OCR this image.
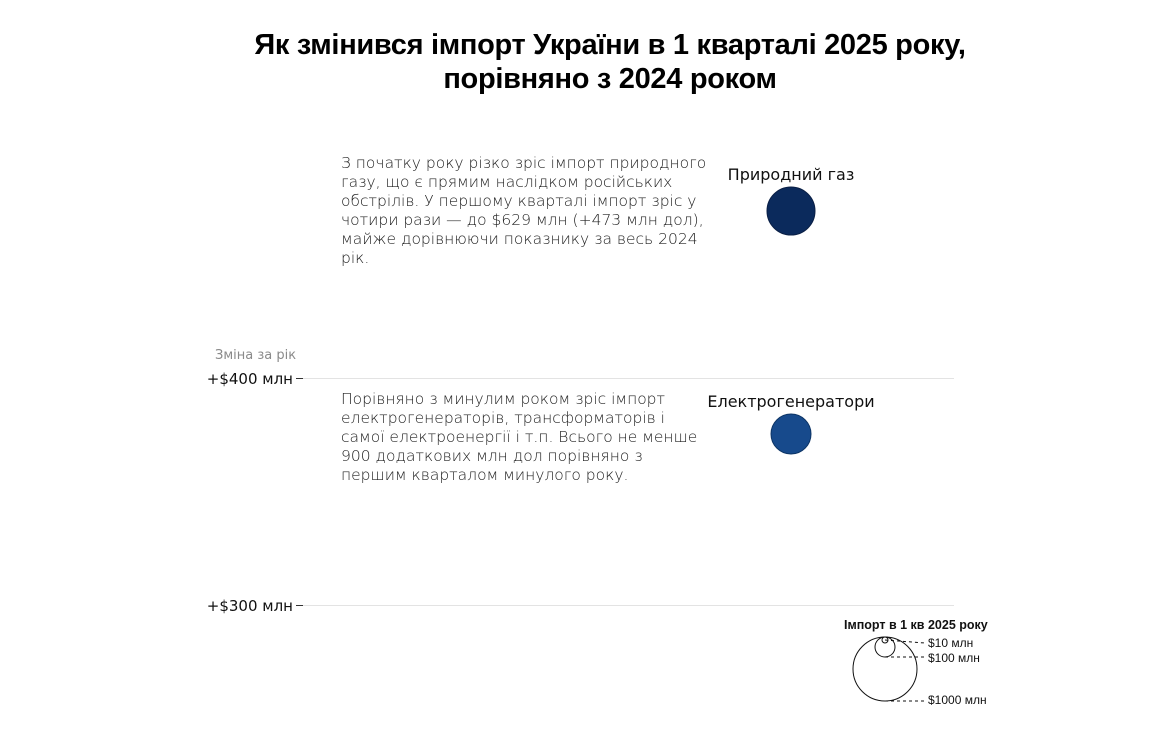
Як змінився імпорт України в 1 кварталі 2025 року,
порівняно з 2024 роком
З початку року різко зріс імпорт природного газу, що є прямим наслідком російських обстрілів. У першому кварталі імпорт зріс у чотири рази — до $629 млн (+473 млн дол), майже дорівнюючи показнику за весь 2024 рік.
Порівняно з минулим роком зріс імпорт електрогенераторів, трансформаторів і самої електроенергії і т.п. Всього не менше 900 додаткових млн дол порівняно з першим кварталом минулого року.
Зміна за рік
+$400 млн
+$300 млн
Природний газ
Електрогенератори
Імпорт в 1 кв 2025 року
$10 млн
$100 млн
$1000 млн
